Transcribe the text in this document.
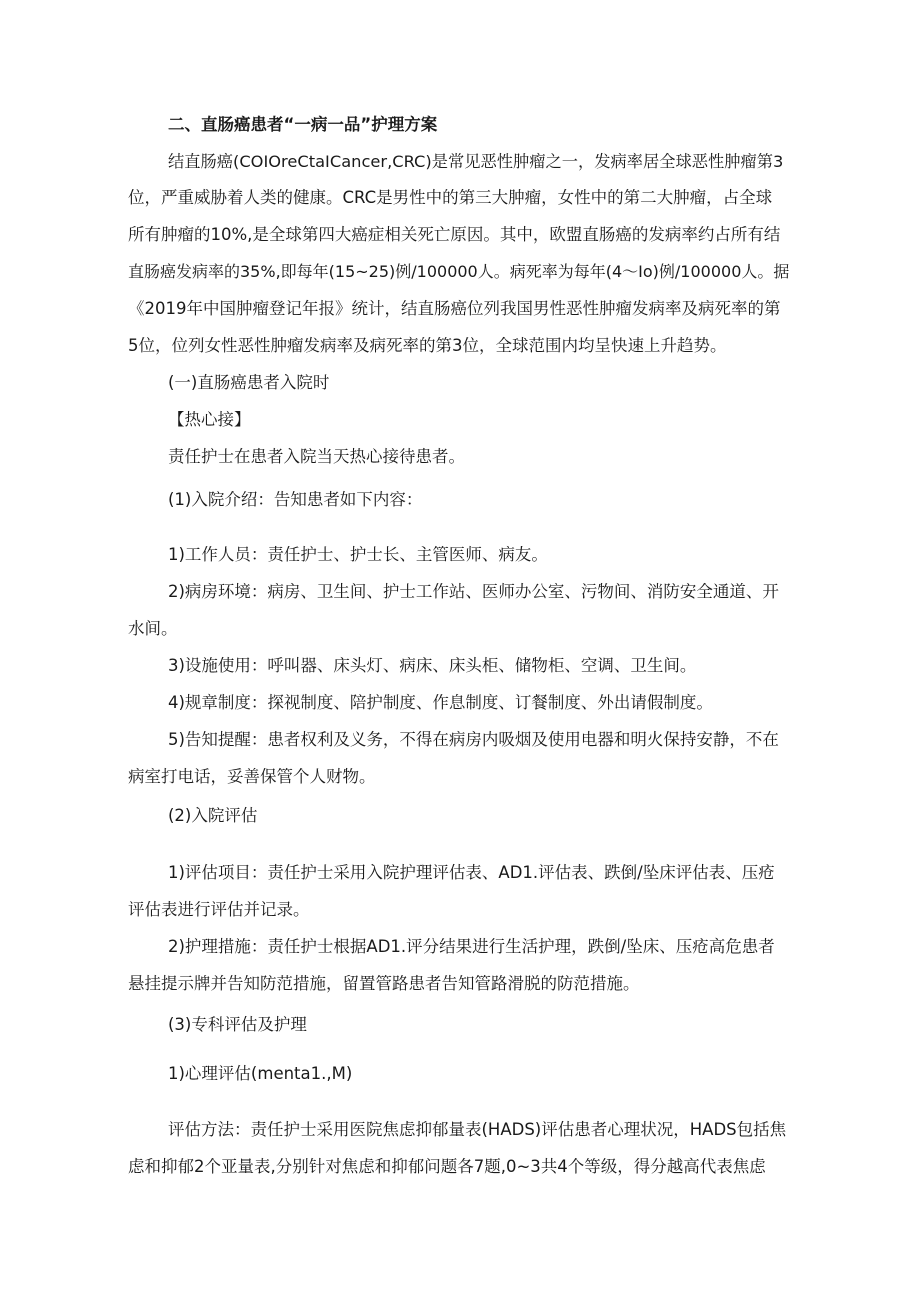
二、直肠癌患者“一病一品”护理方案
结直肠癌(COIOreCtaICancer,CRC)是常见恶性肿瘤之一，发病率居全球恶性肿瘤第3
位，严重威胁着人类的健康。CRC是男性中的第三大肿瘤，女性中的第二大肿瘤，占全球
所有肿瘤的10%,是全球第四大癌症相关死亡原因。其中，欧盟直肠癌的发病率约占所有结
直肠癌发病率的35%,即每年(15~25)例/100000人。病死率为每年(4～Io)例/100000人。据
《2019年中国肿瘤登记年报》统计，结直肠癌位列我国男性恶性肿瘤发病率及病死率的第
5位，位列女性恶性肿瘤发病率及病死率的第3位，全球范围内均呈快速上升趋势。
(一)直肠癌患者入院时
【热心接】
责任护士在患者入院当天热心接待患者。
(1)入院介绍：告知患者如下内容：
1)工作人员：责任护士、护士长、主管医师、病友。
2)病房环境：病房、卫生间、护士工作站、医师办公室、污物间、消防安全通道、开
水间。
3)设施使用：呼叫器、床头灯、病床、床头柜、储物柜、空调、卫生间。
4)规章制度：探视制度、陪护制度、作息制度、订餐制度、外出请假制度。
5)告知提醒：患者权利及义务，不得在病房内吸烟及使用电器和明火保持安静，不在
病室打电话，妥善保管个人财物。
(2)入院评估
1)评估项目：责任护士采用入院护理评估表、AD1.评估表、跌倒/坠床评估表、压疮
评估表进行评估并记录。
2)护理措施：责任护士根据AD1.评分结果进行生活护理，跌倒/坠床、压疮高危患者
悬挂提示牌并告知防范措施，留置管路患者告知管路滑脱的防范措施。
(3)专科评估及护理
1)心理评估(menta1.,M)
评估方法：责任护士采用医院焦虑抑郁量表(HADS)评估患者心理状况，HADS包括焦
虑和抑郁2个亚量表,分别针对焦虑和抑郁问题各7题,0~3共4个等级，得分越高代表焦虑
